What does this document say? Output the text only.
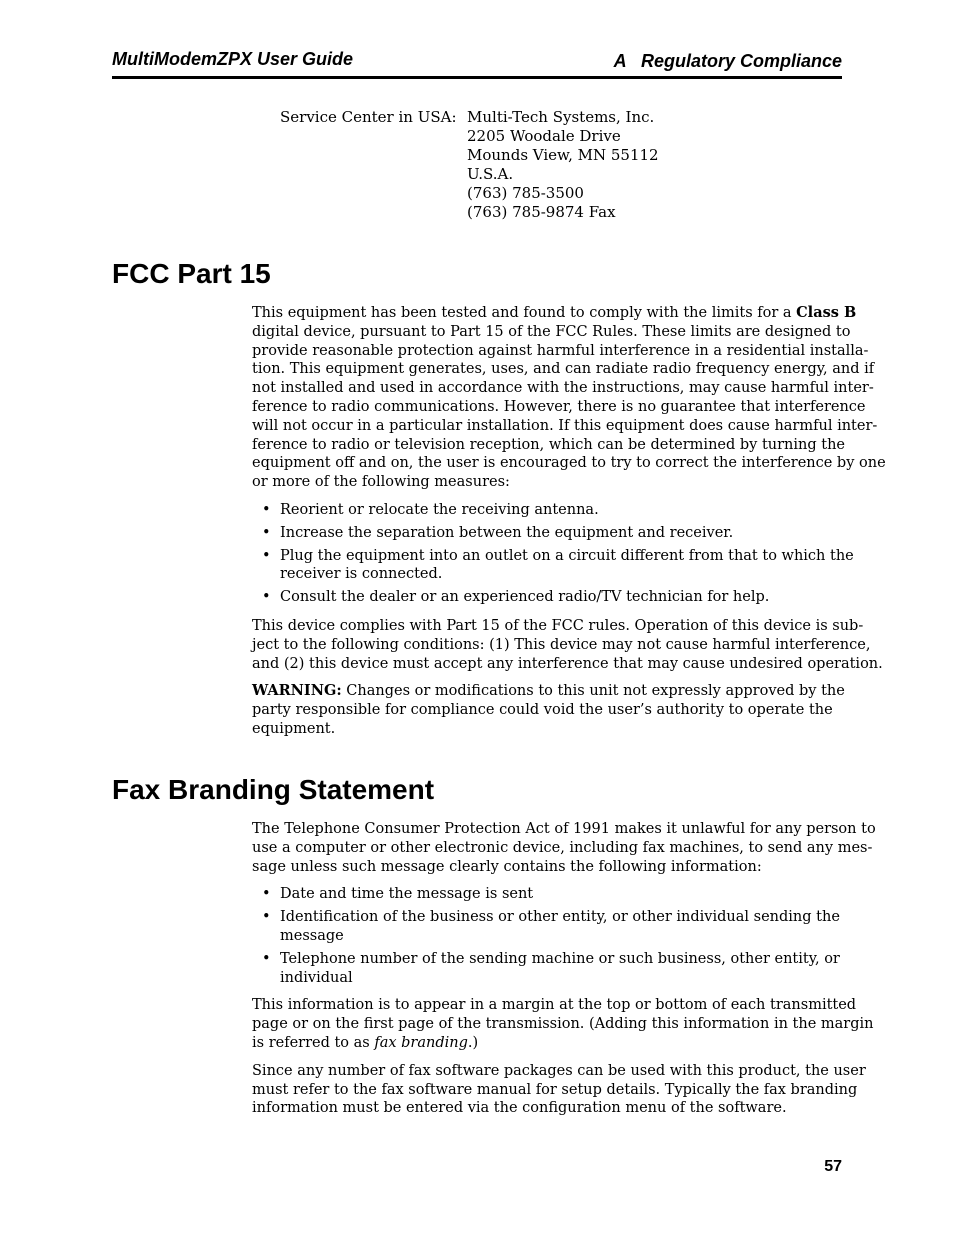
MultiModemZPX User Guide	A   Regulatory Compliance
Service Center in USA: Multi-Tech Systems, Inc.
2205 Woodale Drive
Mounds View, MN 55112
U.S.A.
(763) 785-3500
(763) 785-9874 Fax
FCC Part 15

This equipment has been tested and found to comply with the limits for a Class B
digital device, pursuant to Part 15 of the FCC Rules. These limits are designed to
provide reasonable protection against harmful interference in a residential installa-
tion. This equipment generates, uses, and can radiate radio frequency energy, and if
not installed and used in accordance with the instructions, may cause harmful inter-
ference to radio communications. However, there is no guarantee that interference
will not occur in a particular installation. If this equipment does cause harmful inter-
ference to radio or television reception, which can be determined by turning the
equipment off and on, the user is encouraged to try to correct the interference by one
or more of the following measures:

• Reorient or relocate the receiving antenna.
• Increase the separation between the equipment and receiver.
• Plug the equipment into an outlet on a circuit different from that to which the
receiver is connected.
• Consult the dealer or an experienced radio/TV technician for help.

This device complies with Part 15 of the FCC rules. Operation of this device is sub-
ject to the following conditions: (1) This device may not cause harmful interference,
and (2) this device must accept any interference that may cause undesired operation.

WARNING: Changes or modifications to this unit not expressly approved by the
party responsible for compliance could void the user’s authority to operate the
equipment.

Fax Branding Statement

The Telephone Consumer Protection Act of 1991 makes it unlawful for any person to
use a computer or other electronic device, including fax machines, to send any mes-
sage unless such message clearly contains the following information:

• Date and time the message is sent
• Identification of the business or other entity, or other individual sending the
message
• Telephone number of the sending machine or such business, other entity, or
individual

This information is to appear in a margin at the top or bottom of each transmitted
page or on the first page of the transmission. (Adding this information in the margin
is referred to as fax branding.)

Since any number of fax software packages can be used with this product, the user
must refer to the fax software manual for setup details. Typically the fax branding
information must be entered via the configuration menu of the software.

57
